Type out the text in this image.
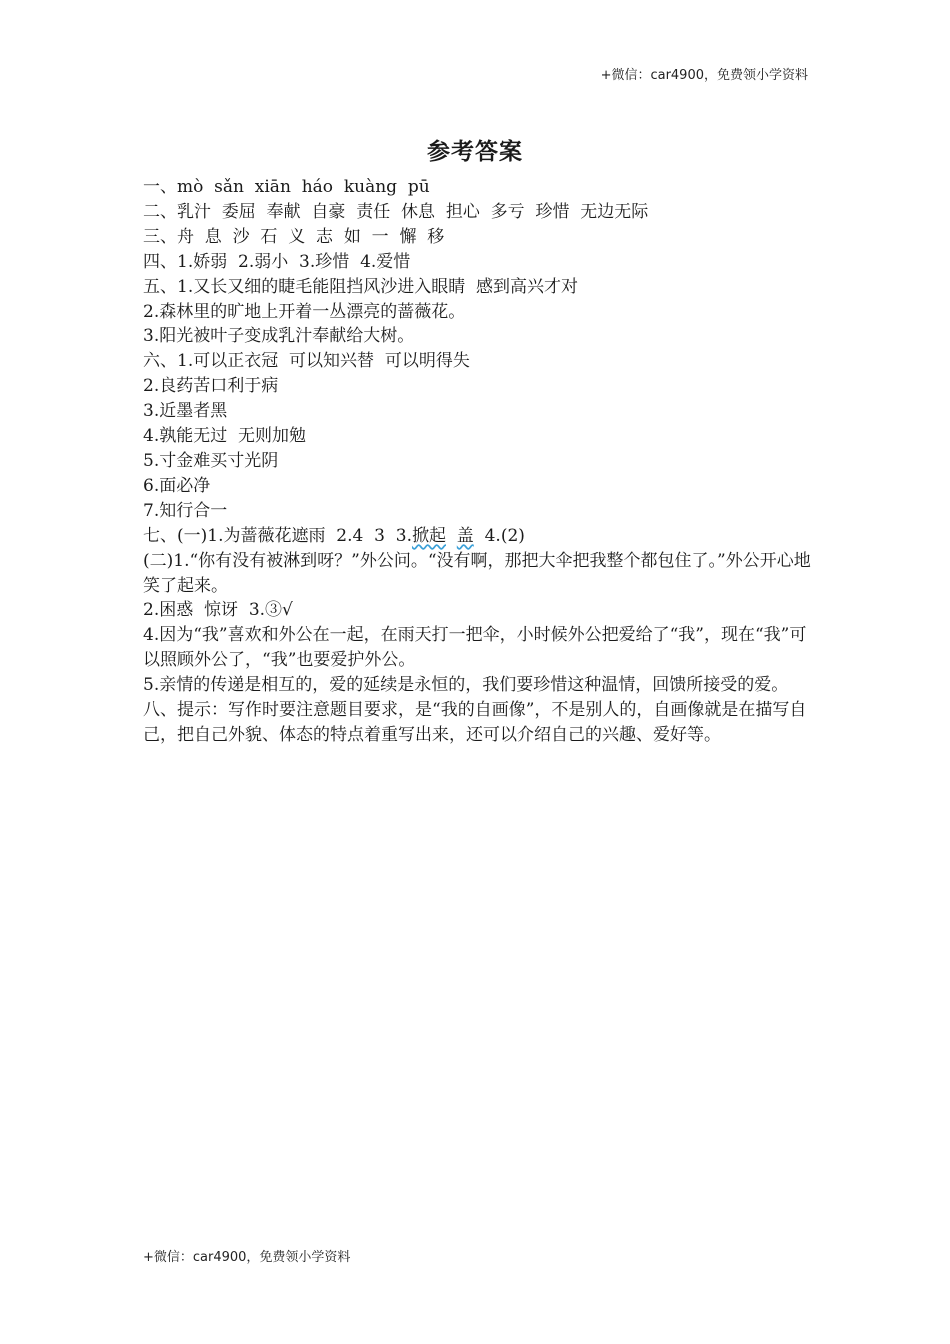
+微信：car4900，免费领小学资料
参考答案

一、mò  sǎn  xiān  háo  kuàng  pū

二、乳汁  委屈  奉献  自豪  责任  休息  担心  多亏  珍惜  无边无际

三、舟  息  沙  石  义  志  如  一  懈  移

四、1.娇弱  2.弱小  3.珍惜  4.爱惜

五、1.又长又细的睫毛能阻挡风沙进入眼睛  感到高兴才对

2.森林里的旷地上开着一丛漂亮的蔷薇花。

3.阳光被叶子变成乳汁奉献给大树。

六、1.可以正衣冠  可以知兴替  可以明得失

2.良药苦口利于病

3.近墨者黑

4.孰能无过  无则加勉

5.寸金难买寸光阴

6.面必净

7.知行合一

七、(一)1.为蔷薇花遮雨  2.4  3  3.掀起 盖  4.(2)

(二)1.“你有没有被淋到呀？”外公问。“没有啊，那把大伞把我整个都包住了。”外公开心地笑了起来。

2.困惑  惊讶  3.③√

4.因为“我”喜欢和外公在一起，在雨天打一把伞，小时候外公把爱给了“我”，现在“我”可以照顾外公了，“我”也要爱护外公。

5.亲情的传递是相互的，爱的延续是永恒的，我们要珍惜这种温情，回馈所接受的爱。

八、提示：写作时要注意题目要求，是“我的自画像”，不是别人的，自画像就是在描写自己，把自己外貌、体态的特点着重写出来，还可以介绍自己的兴趣、爱好等。

+微信：car4900，免费领小学资料
